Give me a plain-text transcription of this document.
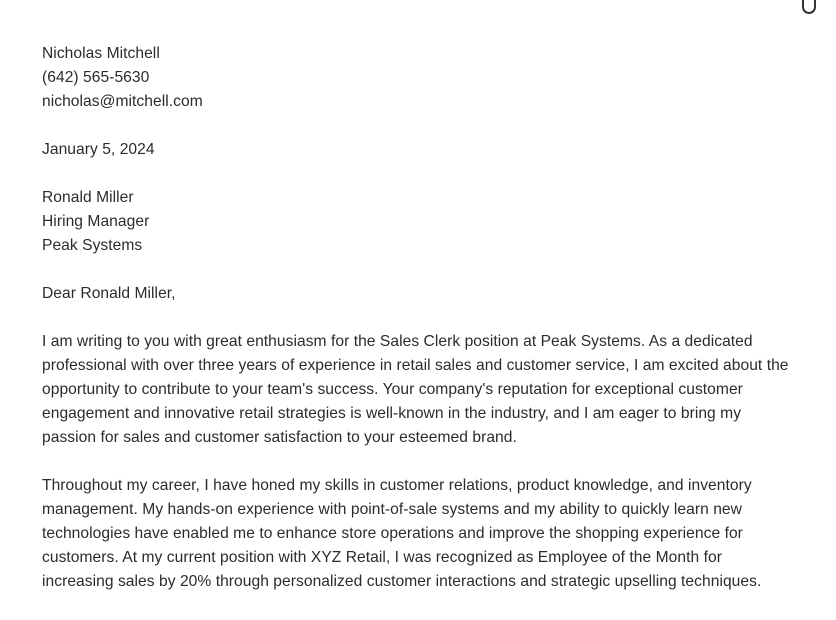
Nicholas Mitchell
(642) 565-5630
nicholas@mitchell.com
January 5, 2024
Ronald Miller
Hiring Manager
Peak Systems
Dear Ronald Miller,

I am writing to you with great enthusiasm for the Sales Clerk position at Peak Systems. As a dedicated professional with over three years of experience in retail sales and customer service, I am excited about the opportunity to contribute to your team's success. Your company's reputation for exceptional customer engagement and innovative retail strategies is well-known in the industry, and I am eager to bring my passion for sales and customer satisfaction to your esteemed brand.

Throughout my career, I have honed my skills in customer relations, product knowledge, and inventory management. My hands-on experience with point-of-sale systems and my ability to quickly learn new technologies have enabled me to enhance store operations and improve the shopping experience for customers. At my current position with XYZ Retail, I was recognized as Employee of the Month for increasing sales by 20% through personalized customer interactions and strategic upselling techniques.
